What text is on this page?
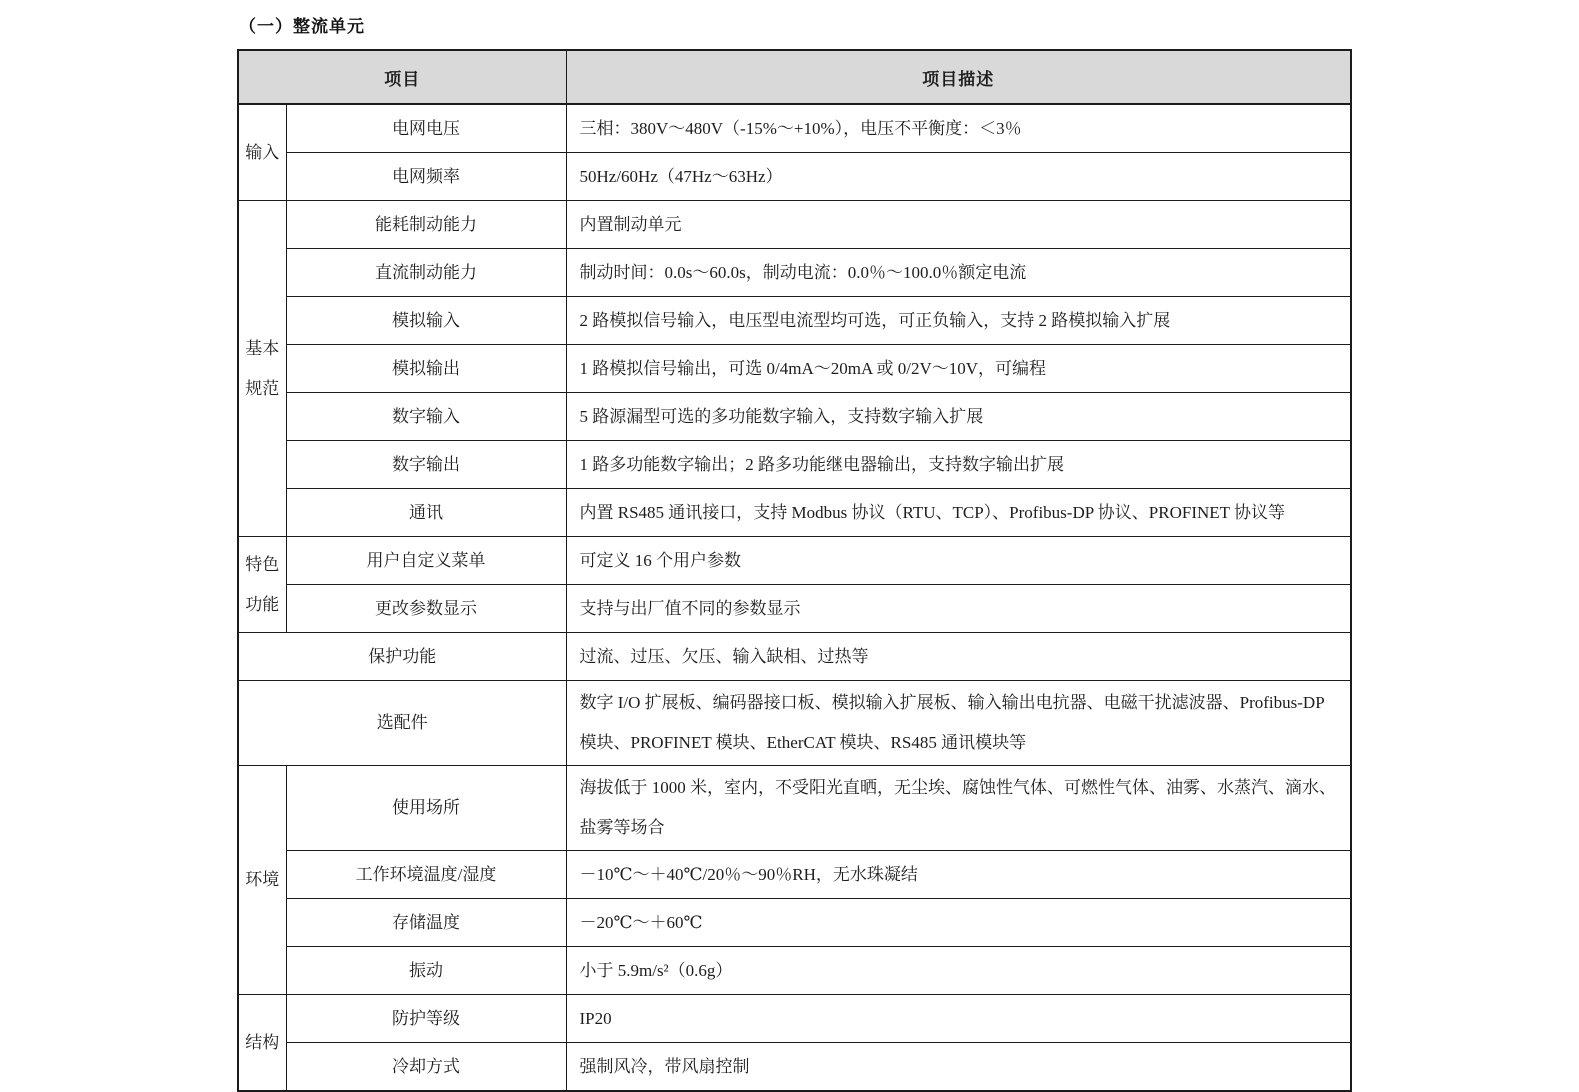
（一）整流单元

项目		项目描述
输入	电网电压	三相：380V～480V（-15%～+10%），电压不平衡度：＜3％
	电网频率	50Hz/60Hz（47Hz～63Hz）
基本规范	能耗制动能力	内置制动单元
	直流制动能力	制动时间：0.0s～60.0s，制动电流：0.0％～100.0％额定电流
	模拟输入	2 路模拟信号输入，电压型电流型均可选，可正负输入，支持 2 路模拟输入扩展
	模拟输出	1 路模拟信号输出，可选 0/4mA～20mA 或 0/2V～10V，可编程
	数字输入	5 路源漏型可选的多功能数字输入，支持数字输入扩展
	数字输出	1 路多功能数字输出；2 路多功能继电器输出，支持数字输出扩展
	通讯	内置 RS485 通讯接口，支持 Modbus 协议（RTU、TCP）、Profibus-DP 协议、PROFINET 协议等
特色功能	用户自定义菜单	可定义 16 个用户参数
	更改参数显示	支持与出厂值不同的参数显示
保护功能		过流、过压、欠压、输入缺相、过热等
选配件		数字 I/O 扩展板、编码器接口板、模拟输入扩展板、输入输出电抗器、电磁干扰滤波器、Profibus-DP 模块、PROFINET 模块、EtherCAT 模块、RS485 通讯模块等
环境	使用场所	海拔低于 1000 米，室内，不受阳光直晒，无尘埃、腐蚀性气体、可燃性气体、油雾、水蒸汽、滴水、盐雾等场合
	工作环境温度/湿度	－10℃～＋40℃/20％～90％RH，无水珠凝结
	存储温度	－20℃～＋60℃
	振动	小于 5.9m/s²（0.6g）
结构	防护等级	IP20
	冷却方式	强制风冷，带风扇控制
